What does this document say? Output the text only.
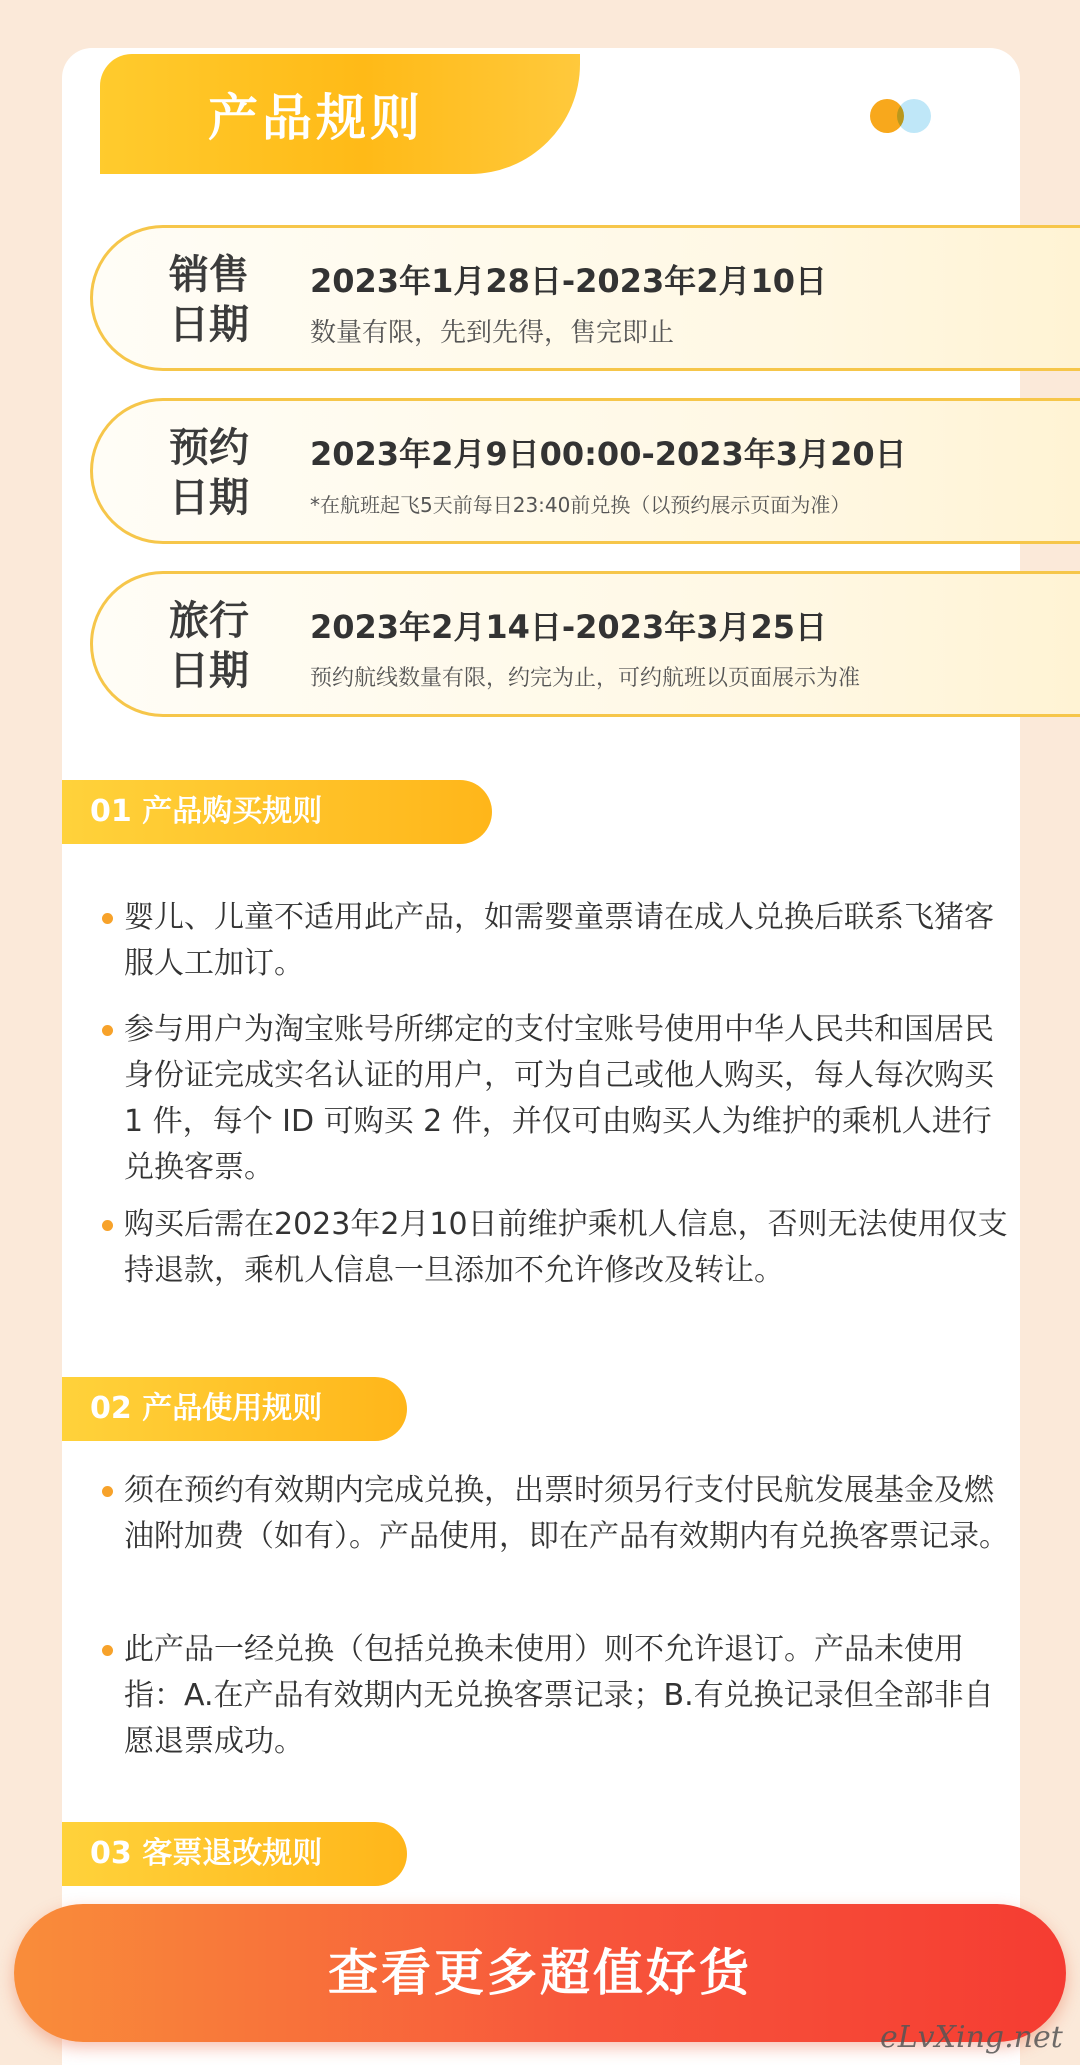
产品规则
销售
日期
2023年1月28日-2023年2月10日
数量有限，先到先得，售完即止
预约
日期
2023年2月9日00:00-2023年3月20日
*在航班起飞5天前每日23:40前兑换（以预约展示页面为准）
旅行
日期
2023年2月14日-2023年3月25日
预约航线数量有限，约完为止，可约航班以页面展示为准
01 产品购买规则
婴儿、儿童不适用此产品，如需婴童票请在成人兑换后联系飞猪客服人工加订。
参与用户为淘宝账号所绑定的支付宝账号使用中华人民共和国居民身份证完成实名认证的用户，可为自己或他人购买，每人每次购买 1 件，每个 ID 可购买 2 件，并仅可由购买人为维护的乘机人进行兑换客票。
购买后需在2023年2月10日前维护乘机人信息，否则无法使用仅支持退款，乘机人信息一旦添加不允许修改及转让。
02 产品使用规则
须在预约有效期内完成兑换，出票时须另行支付民航发展基金及燃油附加费（如有）。产品使用，即在产品有效期内有兑换客票记录。
此产品一经兑换（包括兑换未使用）则不允许退订。产品未使用指：A.在产品有效期内无兑换客票记录；B.有兑换记录但全部非自愿退票成功。
03 客票退改规则
查看更多超值好货
eLvXing.net
